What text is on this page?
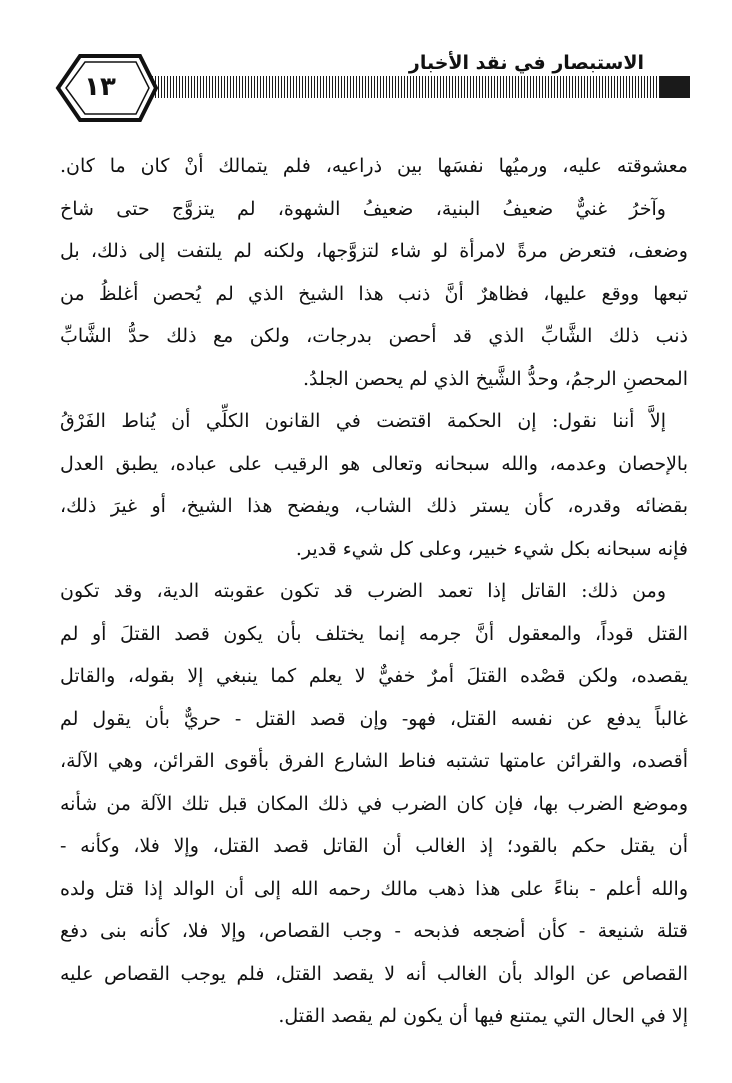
الاستبصار في نقد الأخبار
١٣
معشوقته عليه، ورميُها نفسَها بين ذراعيه، فلم يتمالك أنْ كان ما كان.
وآخرُ غنيٌّ ضعيفُ البنية، ضعيفُ الشهوة، لم يتزوَّج حتى شاخ
وضعف، فتعرض مرةً لامرأة لو شاء لتزوَّجها، ولكنه لم يلتفت إلى ذلك، بل
تبعها ووقع عليها، فظاهرٌ أنَّ ذنب هذا الشيخ الذي لم يُحصن أغلظُ من
ذنب ذلك الشَّابِّ الذي قد أحصن بدرجات، ولكن مع ذلك حدُّ الشَّابِّ
المحصنِ الرجمُ، وحدُّ الشَّيخ الذي لم يحصن الجلدُ.
إلاَّ أننا نقول: إن الحكمة اقتضت في القانون الكلِّي أن يُناط الفَرْقُ
بالإحصان وعدمه، والله سبحانه وتعالى هو الرقيب على عباده، يطبق العدل
بقضائه وقدره، كأن يستر ذلك الشاب، ويفضح هذا الشيخ، أو غيرَ ذلك،
فإنه سبحانه بكل شيء خبير، وعلى كل شيء قدير.
ومن ذلك: القاتل إذا تعمد الضرب قد تكون عقوبته الدية، وقد تكون
القتل قوداً، والمعقول أنَّ جرمه إنما يختلف بأن يكون قصد القتلَ أو لم
يقصده، ولكن قصْده القتلَ أمرٌ خفيٌّ لا يعلم كما ينبغي إلا بقوله، والقاتل
غالباً يدفع عن نفسه القتل، فهو- وإن قصد القتل - حريٌّ بأن يقول لم
أقصده، والقرائن عامتها تشتبه فناط الشارع الفرق بأقوى القرائن، وهي الآلة،
وموضع الضرب بها، فإن كان الضرب في ذلك المكان قبل تلك الآلة من شأنه
أن يقتل حكم بالقود؛ إذ الغالب أن القاتل قصد القتل، وإلا فلا، وكأنه -
والله أعلم - بناءً على هذا ذهب مالك رحمه الله إلى أن الوالد إذا قتل ولده
قتلة شنيعة - كأن أضجعه فذبحه - وجب القصاص، وإلا فلا، كأنه بنى دفع
القصاص عن الوالد بأن الغالب أنه لا يقصد القتل، فلم يوجب القصاص عليه
إلا في الحال التي يمتنع فيها أن يكون لم يقصد القتل.
